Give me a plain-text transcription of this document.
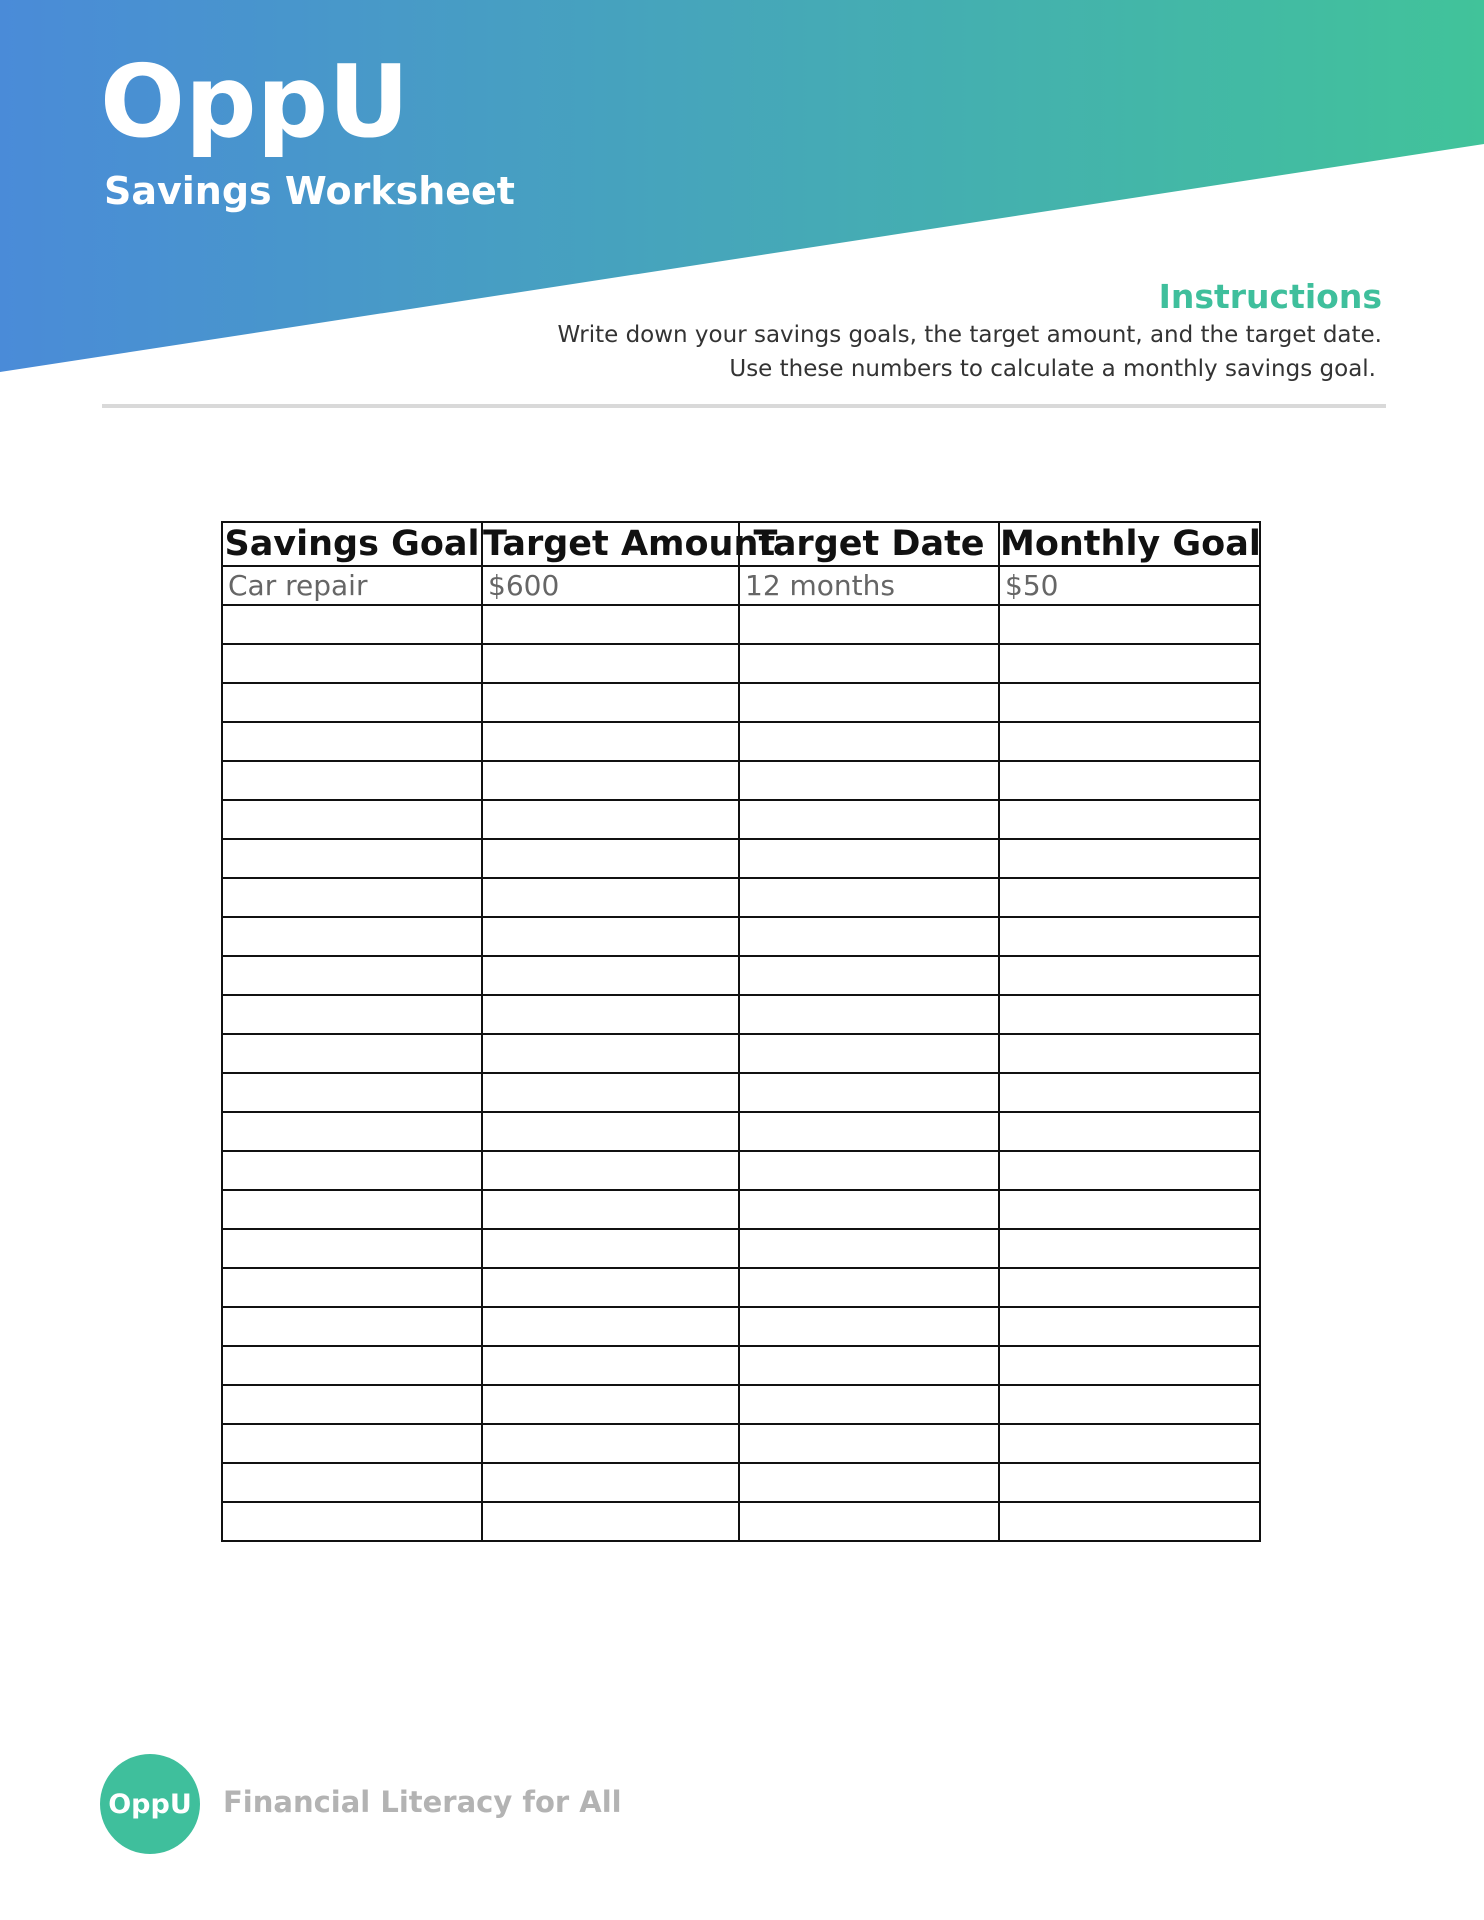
OppU
Savings Worksheet
Instructions
Write down your savings goals, the target amount, and the target date.
Use these numbers to calculate a monthly savings goal.
Savings Goal	Target Amount	Target Date	Monthly Goal
Car repair	$600	12 months	$50

OppU Financial Literacy for All
